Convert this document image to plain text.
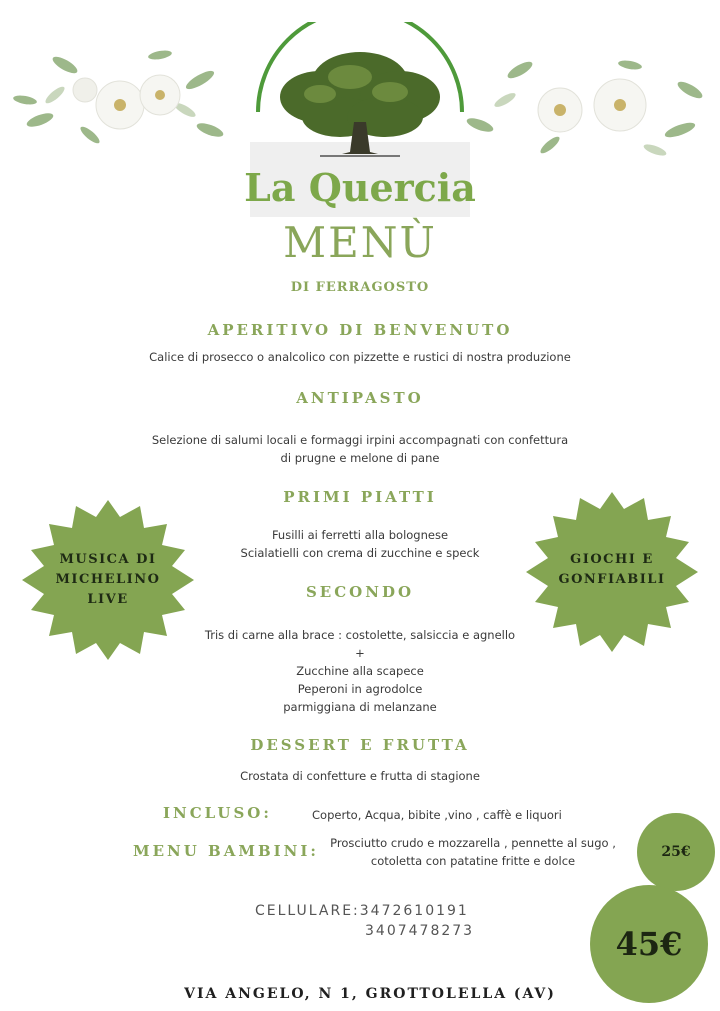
La Quercia
MENÙ
DI FERRAGOSTO
APERITIVO DI BENVENUTO
Calice di prosecco o analcolico con pizzette e rustici di nostra produzione
ANTIPASTO
Selezione di salumi locali e formaggi irpini accompagnati con confettura
di prugne e melone di pane
PRIMI PIATTI
Fusilli ai ferretti alla bolognese
Scialatielli con crema di zucchine e speck
SECONDO
Tris di carne alla brace : costolette, salsiccia e agnello
+
Zucchine alla scapece
Peperoni in agrodolce
parmiggiana di melanzane
DESSERT E FRUTTA
Crostata di confetture e frutta di stagione
MUSICA DI
MICHELINO
LIVE
GIOCHI E
GONFIABILI
INCLUSO:	Coperto, Acqua, bibite ,vino , caffè e liquori
MENU BAMBINI: Prosciutto crudo e mozzarella , pennette al sugo ,
cotoletta con patatine fritte e dolce
25€
CELLULARE:3472610191
3407478273	45€
VIA ANGELO, N 1, GROTTOLELLA (AV)
